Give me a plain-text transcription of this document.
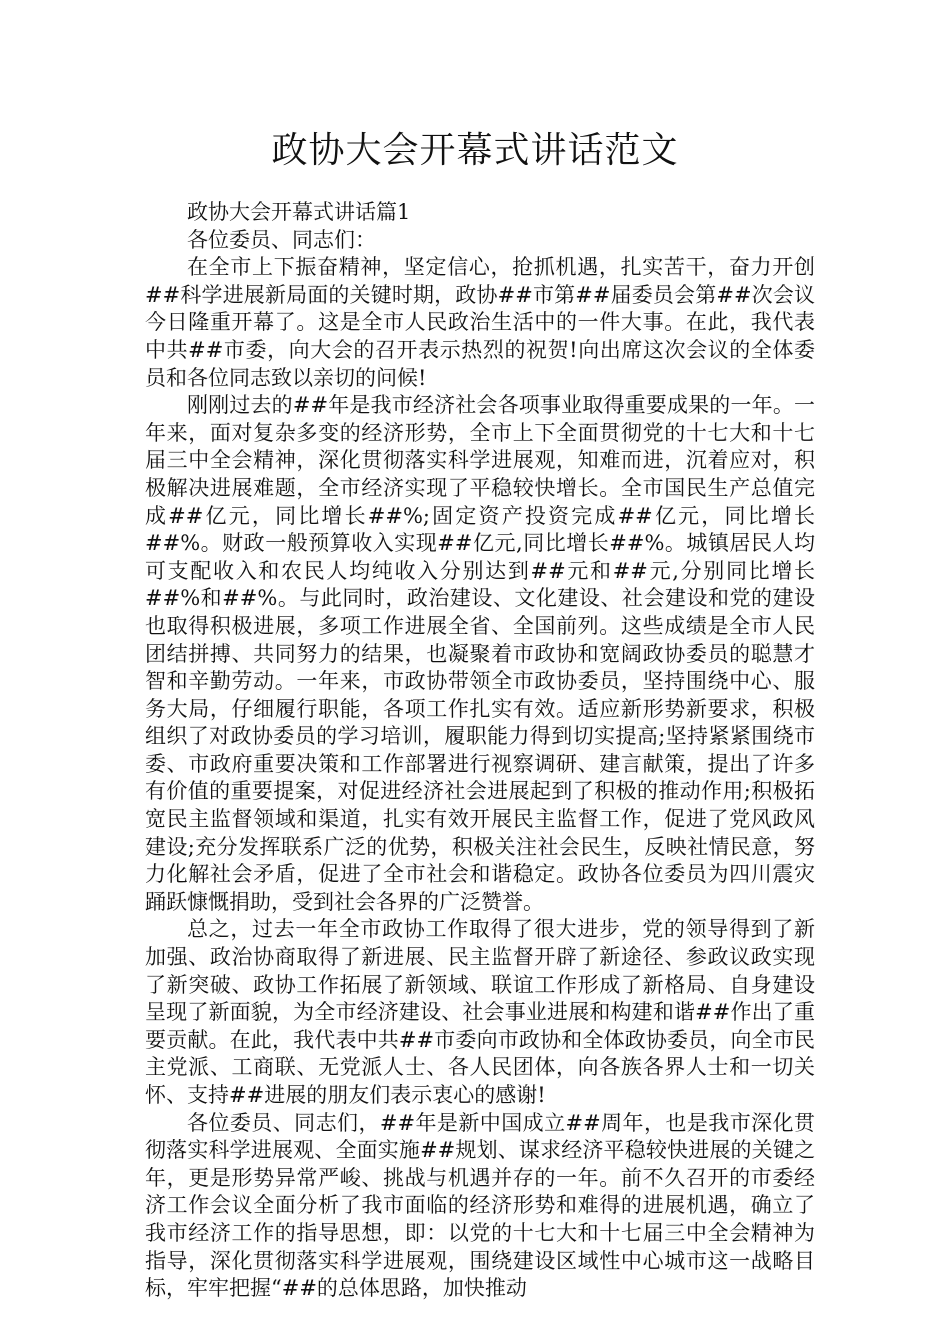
政协大会开幕式讲话范文

政协大会开幕式讲话篇1

各位委员、同志们：

在全市上下振奋精神，坚定信心，抢抓机遇，扎实苦干，奋力开创##科学进展新局面的关键时期，政协##市第##届委员会第##次会议今日隆重开幕了。这是全市人民政治生活中的一件大事。在此，我代表中共##市委，向大会的召开表示热烈的祝贺!向出席这次会议的全体委员和各位同志致以亲切的问候!

刚刚过去的##年是我市经济社会各项事业取得重要成果的一年。一年来，面对复杂多变的经济形势，全市上下全面贯彻党的十七大和十七届三中全会精神，深化贯彻落实科学进展观，知难而进，沉着应对，积极解决进展难题，全市经济实现了平稳较快增长。全市国民生产总值完成##亿元，同比增长##%;固定资产投资完成##亿元，同比增长##%。财政一般预算收入实现##亿元,同比增长##%。城镇居民人均可支配收入和农民人均纯收入分别达到##元和##元,分别同比增长##%和##%。与此同时，政治建设、文化建设、社会建设和党的建设也取得积极进展，多项工作进展全省、全国前列。这些成绩是全市人民团结拼搏、共同努力的结果，也凝聚着市政协和宽阔政协委员的聪慧才智和辛勤劳动。一年来，市政协带领全市政协委员，坚持围绕中心、服务大局，仔细履行职能，各项工作扎实有效。适应新形势新要求，积极组织了对政协委员的学习培训，履职能力得到切实提高;坚持紧紧围绕市委、市政府重要决策和工作部署进行视察调研、建言献策，提出了许多有价值的重要提案，对促进经济社会进展起到了积极的推动作用;积极拓宽民主监督领域和渠道，扎实有效开展民主监督工作，促进了党风政风建设;充分发挥联系广泛的优势，积极关注社会民生，反映社情民意，努力化解社会矛盾，促进了全市社会和谐稳定。政协各位委员为四川震灾踊跃慷慨捐助，受到社会各界的广泛赞誉。

总之，过去一年全市政协工作取得了很大进步，党的领导得到了新加强、政治协商取得了新进展、民主监督开辟了新途径、参政议政实现了新突破、政协工作拓展了新领域、联谊工作形成了新格局、自身建设呈现了新面貌，为全市经济建设、社会事业进展和构建和谐##作出了重要贡献。在此，我代表中共##市委向市政协和全体政协委员，向全市民主党派、工商联、无党派人士、各人民团体，向各族各界人士和一切关怀、支持##进展的朋友们表示衷心的感谢!

各位委员、同志们，##年是新中国成立##周年，也是我市深化贯彻落实科学进展观、全面实施##规划、谋求经济平稳较快进展的关键之年，更是形势异常严峻、挑战与机遇并存的一年。前不久召开的市委经济工作会议全面分析了我市面临的经济形势和难得的进展机遇，确立了我市经济工作的指导思想，即：以党的十七大和十七届三中全会精神为指导，深化贯彻落实科学进展观，围绕建设区域性中心城市这一战略目标，牢牢把握“##的总体思路，加快推动
